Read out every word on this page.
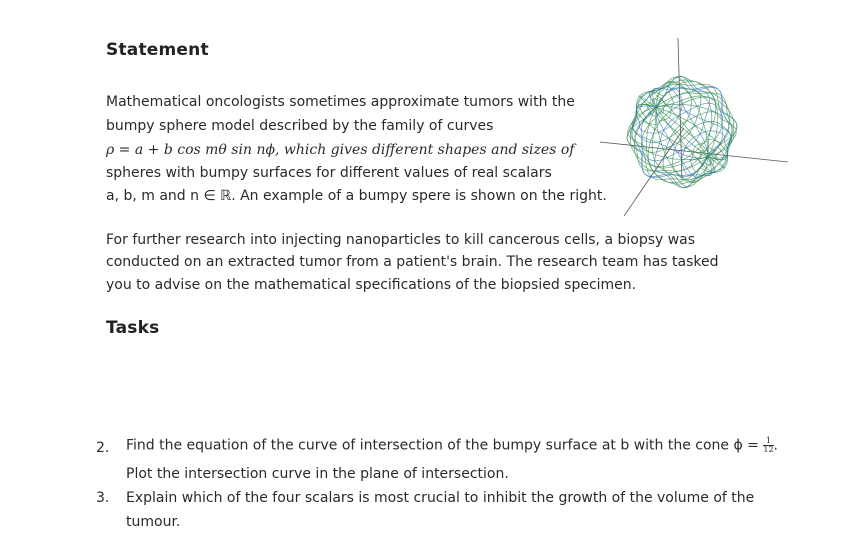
Statement
Mathematical oncologists sometimes approximate tumors with the
bumpy sphere model described by the family of curves
ρ = a + b cos mθ sin nϕ, which gives different shapes and sizes of
spheres with bumpy surfaces for different values of real scalars
a, b, m and n ∈ ℝ. An example of a bumpy spere is shown on the right.
For further research into injecting nanoparticles to kill cancerous cells, a biopsy was
conducted on an extracted tumor from a patient's brain. The research team has tasked
you to advise on the mathematical specifications of the biopsied specimen.
Tasks
2. Find the equation of the curve of intersection of the bumpy surface at b with the cone $\phi = \frac{1}{12}$ .
Plot the intersection curve in the plane of intersection.
3. Explain which of the four scalars is most crucial to inhibit the growth of the volume of the
tumour.
